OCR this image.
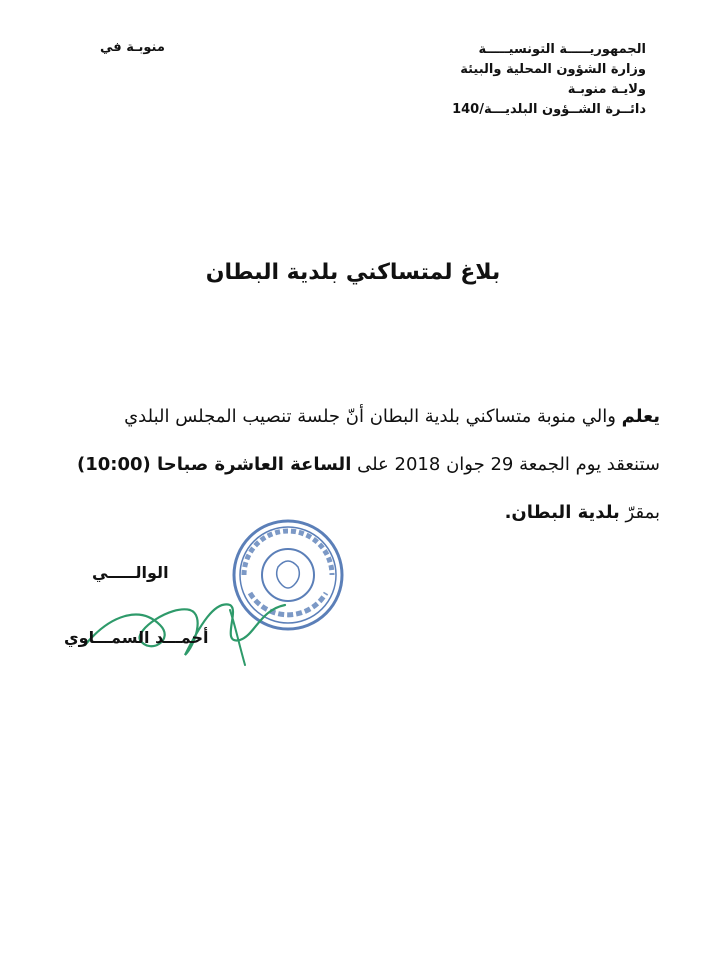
الجمهوريـــــة التونسيـــــة
وزارة الشؤون المحلية والبيئة
ولايـة منوبـة
دائــرة الشــؤون البلديـــة/140
منوبـة في
بلاغ لمتساكني بلدية البطان

يعلم والي منوبة متساكني بلدية البطان أنّ جلسة تنصيب المجلس البلدي

ستنعقد يوم الجمعة 29 جوان 2018 على الساعة العاشرة صباحا (10:00)

بمقرّ بلدية البطان.

الوالـــــي
أحمـــد السمـــاوي
